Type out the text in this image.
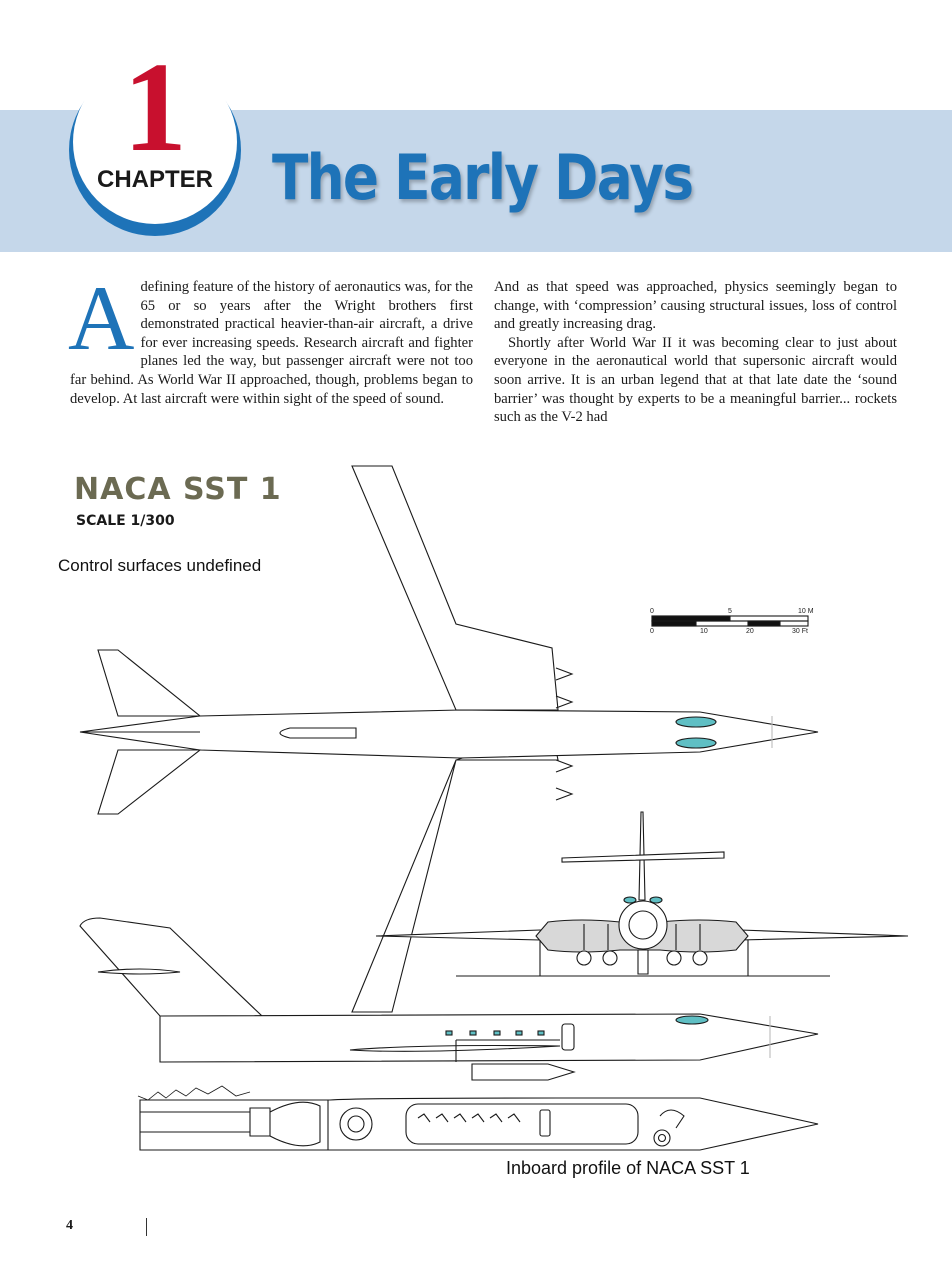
1
CHAPTER The Early Days

Adefining feature of the history of aeronautics was, for the 65 or so years after the Wright brothers first demonstrated practical heavier-than-air aircraft, a drive for ever increasing speeds. Research aircraft and fighter planes led the way, but passenger aircraft were not too far behind. As World War II approached, though, problems began to develop. At last aircraft were within sight of the speed of sound.

And as that speed was approached, physics seemingly began to change, with ‘compression’ causing structural issues, loss of control and greatly increasing drag.

Shortly after World War II it was becoming clear to just about everyone in the aeronautical world that supersonic aircraft would soon arrive. It is an urban legend that at that late date the ‘sound barrier’ was thought by experts to be a meaningful barrier... rockets such as the V-2 had

NACA SST 1
SCALE 1/300
Control surfaces undefined
0	5	10 M
0	10	20	30 Ft
Inboard profile of NACA SST 1
4
